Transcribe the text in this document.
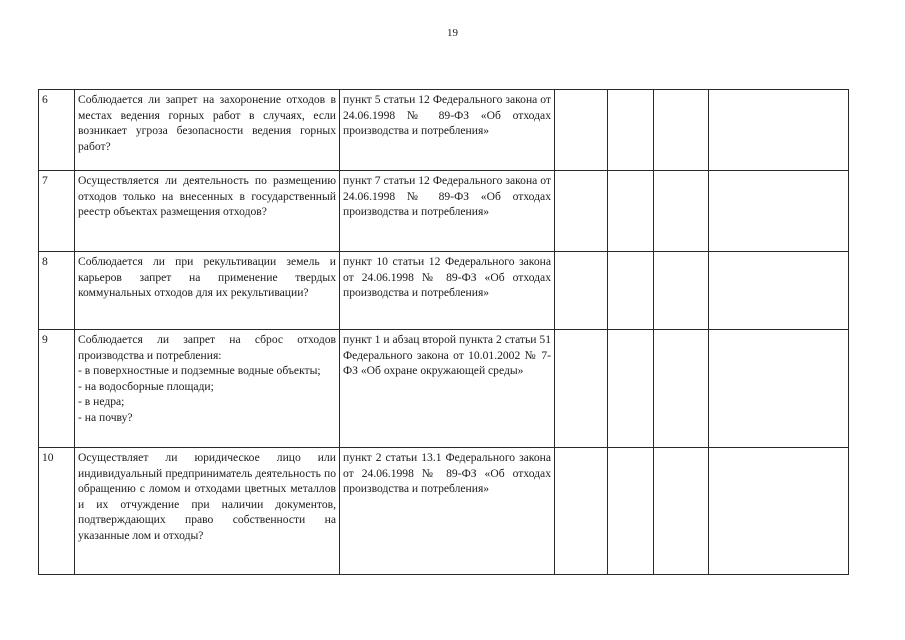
19
6	Соблюдается ли запрет на захоронение отходов в местах ведения горных работ в случаях, если возникает угроза безопасности ведения горных работ?	пункт 5 статьи 12 Федерального закона от 24.06.1998 № 89-ФЗ «Об отходах производства и потребления»				
7	Осуществляется ли деятельность по размещению отходов только на внесенных в государственный реестр объектах размещения отходов?	пункт 7 статьи 12 Федерального закона от 24.06.1998 № 89-ФЗ «Об отходах производства и потребления»				
8	Соблюдается ли при рекультивации земель и карьеров запрет на применение твердых коммунальных отходов для их рекультивации?	пункт 10 статьи 12 Федерального закона от 24.06.1998 № 89-ФЗ «Об отходах производства и потребления»				
9	Соблюдается ли запрет на сброс отходов производства и потребления:
- в поверхностные и подземные водные объекты;
- на водосборные площади;
- в недра;
- на почву?	пункт 1 и абзац второй пункта 2 статьи 51 Федерального закона от 10.01.2002 № 7-ФЗ «Об охране окружающей среды»				
10	Осуществляет ли юридическое лицо или индивидуальный предприниматель деятельность по обращению с ломом и отходами цветных металлов и их отчуждение при наличии документов, подтверждающих право собственности на указанные лом и отходы?	пункт 2 статьи 13.1 Федерального закона от 24.06.1998 № 89-ФЗ «Об отходах производства и потребления»				
